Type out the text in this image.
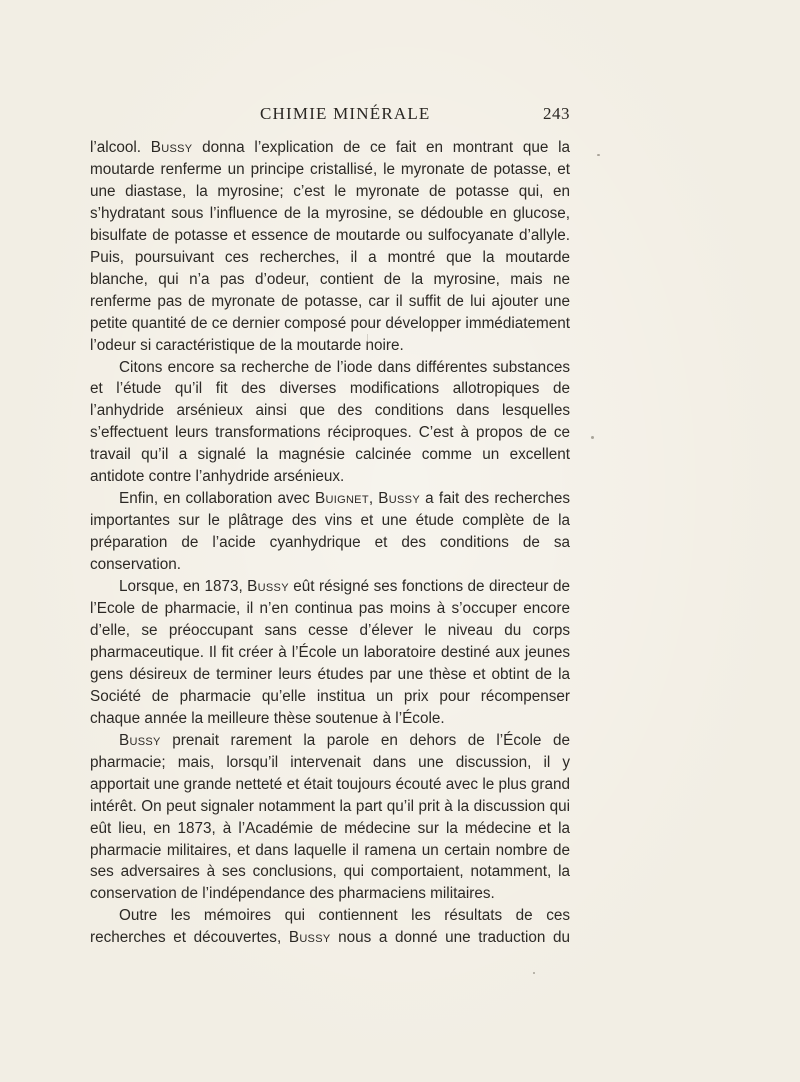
CHIMIE MINÉRALE	243

l’alcool. Bussy donna l’explication de ce fait en montrant que la moutarde renferme un principe cristallisé, le myronate de potasse, et une diastase, la myrosine; c’est le myronate de potasse qui, en s’hydratant sous l’influence de la myrosine, se dédouble en glucose, bisulfate de potasse et essence de moutarde ou sulfocyanate d’allyle. Puis, poursuivant ces recherches, il a montré que la moutarde blanche, qui n’a pas d’odeur, contient de la myrosine, mais ne renferme pas de myronate de potasse, car il suffit de lui ajouter une petite quantité de ce dernier composé pour développer immédiatement l’odeur si caractéristique de la moutarde noire.

Citons encore sa recherche de l’iode dans différentes substances et l’étude qu’il fit des diverses modifications allotropiques de l’anhydride arsénieux ainsi que des conditions dans lesquelles s’effectuent leurs transformations réciproques. C’est à propos de ce travail qu’il a signalé la magnésie calcinée comme un excellent antidote contre l’anhydride arsénieux.

Enfin, en collaboration avec Buignet, Bussy a fait des recherches importantes sur le plâtrage des vins et une étude complète de la préparation de l’acide cyanhydrique et des conditions de sa conservation.

Lorsque, en 1873, Bussy eût résigné ses fonctions de directeur de l’Ecole de pharmacie, il n’en continua pas moins à s’occuper encore d’elle, se préoccupant sans cesse d’élever le niveau du corps pharmaceutique. Il fit créer à l’École un laboratoire destiné aux jeunes gens désireux de terminer leurs études par une thèse et obtint de la Société de pharmacie qu’elle institua un prix pour récompenser chaque année la meilleure thèse soutenue à l’École.

Bussy prenait rarement la parole en dehors de l’École de pharmacie; mais, lorsqu’il intervenait dans une discussion, il y apportait une grande netteté et était toujours écouté avec le plus grand intérêt. On peut signaler notamment la part qu’il prit à la discussion qui eût lieu, en 1873, à l’Académie de médecine sur la médecine et la pharmacie militaires, et dans laquelle il ramena un certain nombre de ses adversaires à ses conclusions, qui comportaient, notamment, la conservation de l’indépendance des pharmaciens militaires.

Outre les mémoires qui contiennent les résultats de ces recherches et découvertes, Bussy nous a donné une traduction du
